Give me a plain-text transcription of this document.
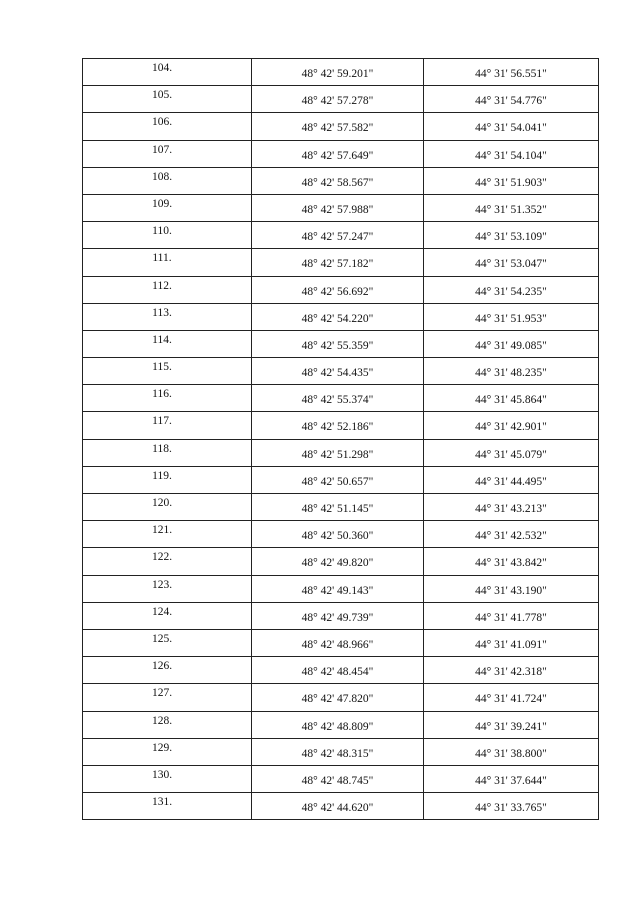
104.	48° 42' 59.201"	44° 31' 56.551"
105.	48° 42' 57.278"	44° 31' 54.776"
106.	48° 42' 57.582"	44° 31' 54.041"
107.	48° 42' 57.649"	44° 31' 54.104"
108.	48° 42' 58.567"	44° 31' 51.903"
109.	48° 42' 57.988"	44° 31' 51.352"
110.	48° 42' 57.247"	44° 31' 53.109"
111.	48° 42' 57.182"	44° 31' 53.047"
112.	48° 42' 56.692"	44° 31' 54.235"
113.	48° 42' 54.220"	44° 31' 51.953"
114.	48° 42' 55.359"	44° 31' 49.085"
115.	48° 42' 54.435"	44° 31' 48.235"
116.	48° 42' 55.374"	44° 31' 45.864"
117.	48° 42' 52.186"	44° 31' 42.901"
118.	48° 42' 51.298"	44° 31' 45.079"
119.	48° 42' 50.657"	44° 31' 44.495"
120.	48° 42' 51.145"	44° 31' 43.213"
121.	48° 42' 50.360"	44° 31' 42.532"
122.	48° 42' 49.820"	44° 31' 43.842"
123.	48° 42' 49.143"	44° 31' 43.190"
124.	48° 42' 49.739"	44° 31' 41.778"
125.	48° 42' 48.966"	44° 31' 41.091"
126.	48° 42' 48.454"	44° 31' 42.318"
127.	48° 42' 47.820"	44° 31' 41.724"
128.	48° 42' 48.809"	44° 31' 39.241"
129.	48° 42' 48.315"	44° 31' 38.800"
130.	48° 42' 48.745"	44° 31' 37.644"
131.	48° 42' 44.620"	44° 31' 33.765"
